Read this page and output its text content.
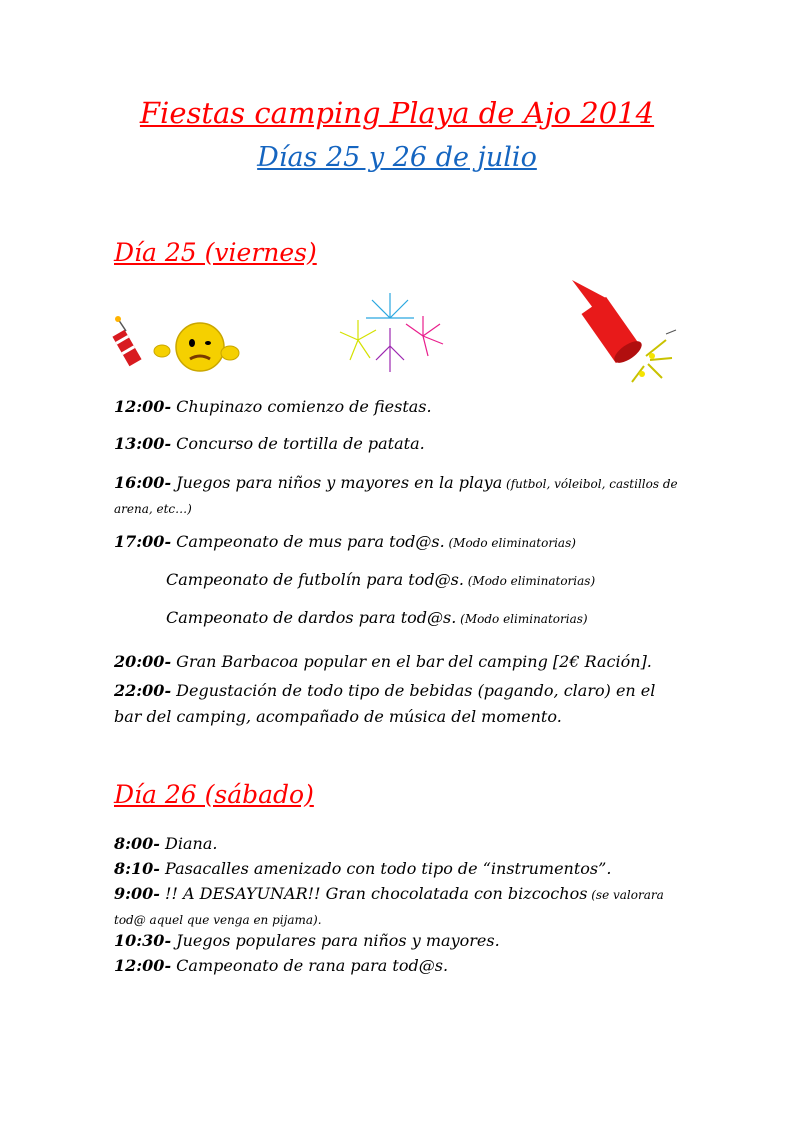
Fiestas camping Playa de Ajo 2014
Días 25 y 26 de julio
Día 25 (viernes)
12:00- Chupinazo comienzo de fiestas.
13:00- Concurso de tortilla de patata.
16:00- Juegos para niños y mayores en la playa (futbol, vóleibol, castillos de arena, etc…)
17:00- Campeonato de mus para tod@s. (Modo eliminatorias)
Campeonato de futbolín para tod@s. (Modo eliminatorias)
Campeonato de dardos para tod@s. (Modo eliminatorias)
20:00- Gran Barbacoa popular en el bar del camping [2€ Ración].
22:00- Degustación de todo tipo de bebidas (pagando, claro) en el bar del camping, acompañado de música del momento.
Día 26 (sábado)
8:00- Diana.
8:10- Pasacalles amenizado con todo tipo de “instrumentos”.
9:00- !! A DESAYUNAR!! Gran chocolatada con bizcochos (se valorara tod@ aquel que venga en pijama).
10:30- Juegos populares para niños y mayores.
12:00- Campeonato de rana para tod@s.
